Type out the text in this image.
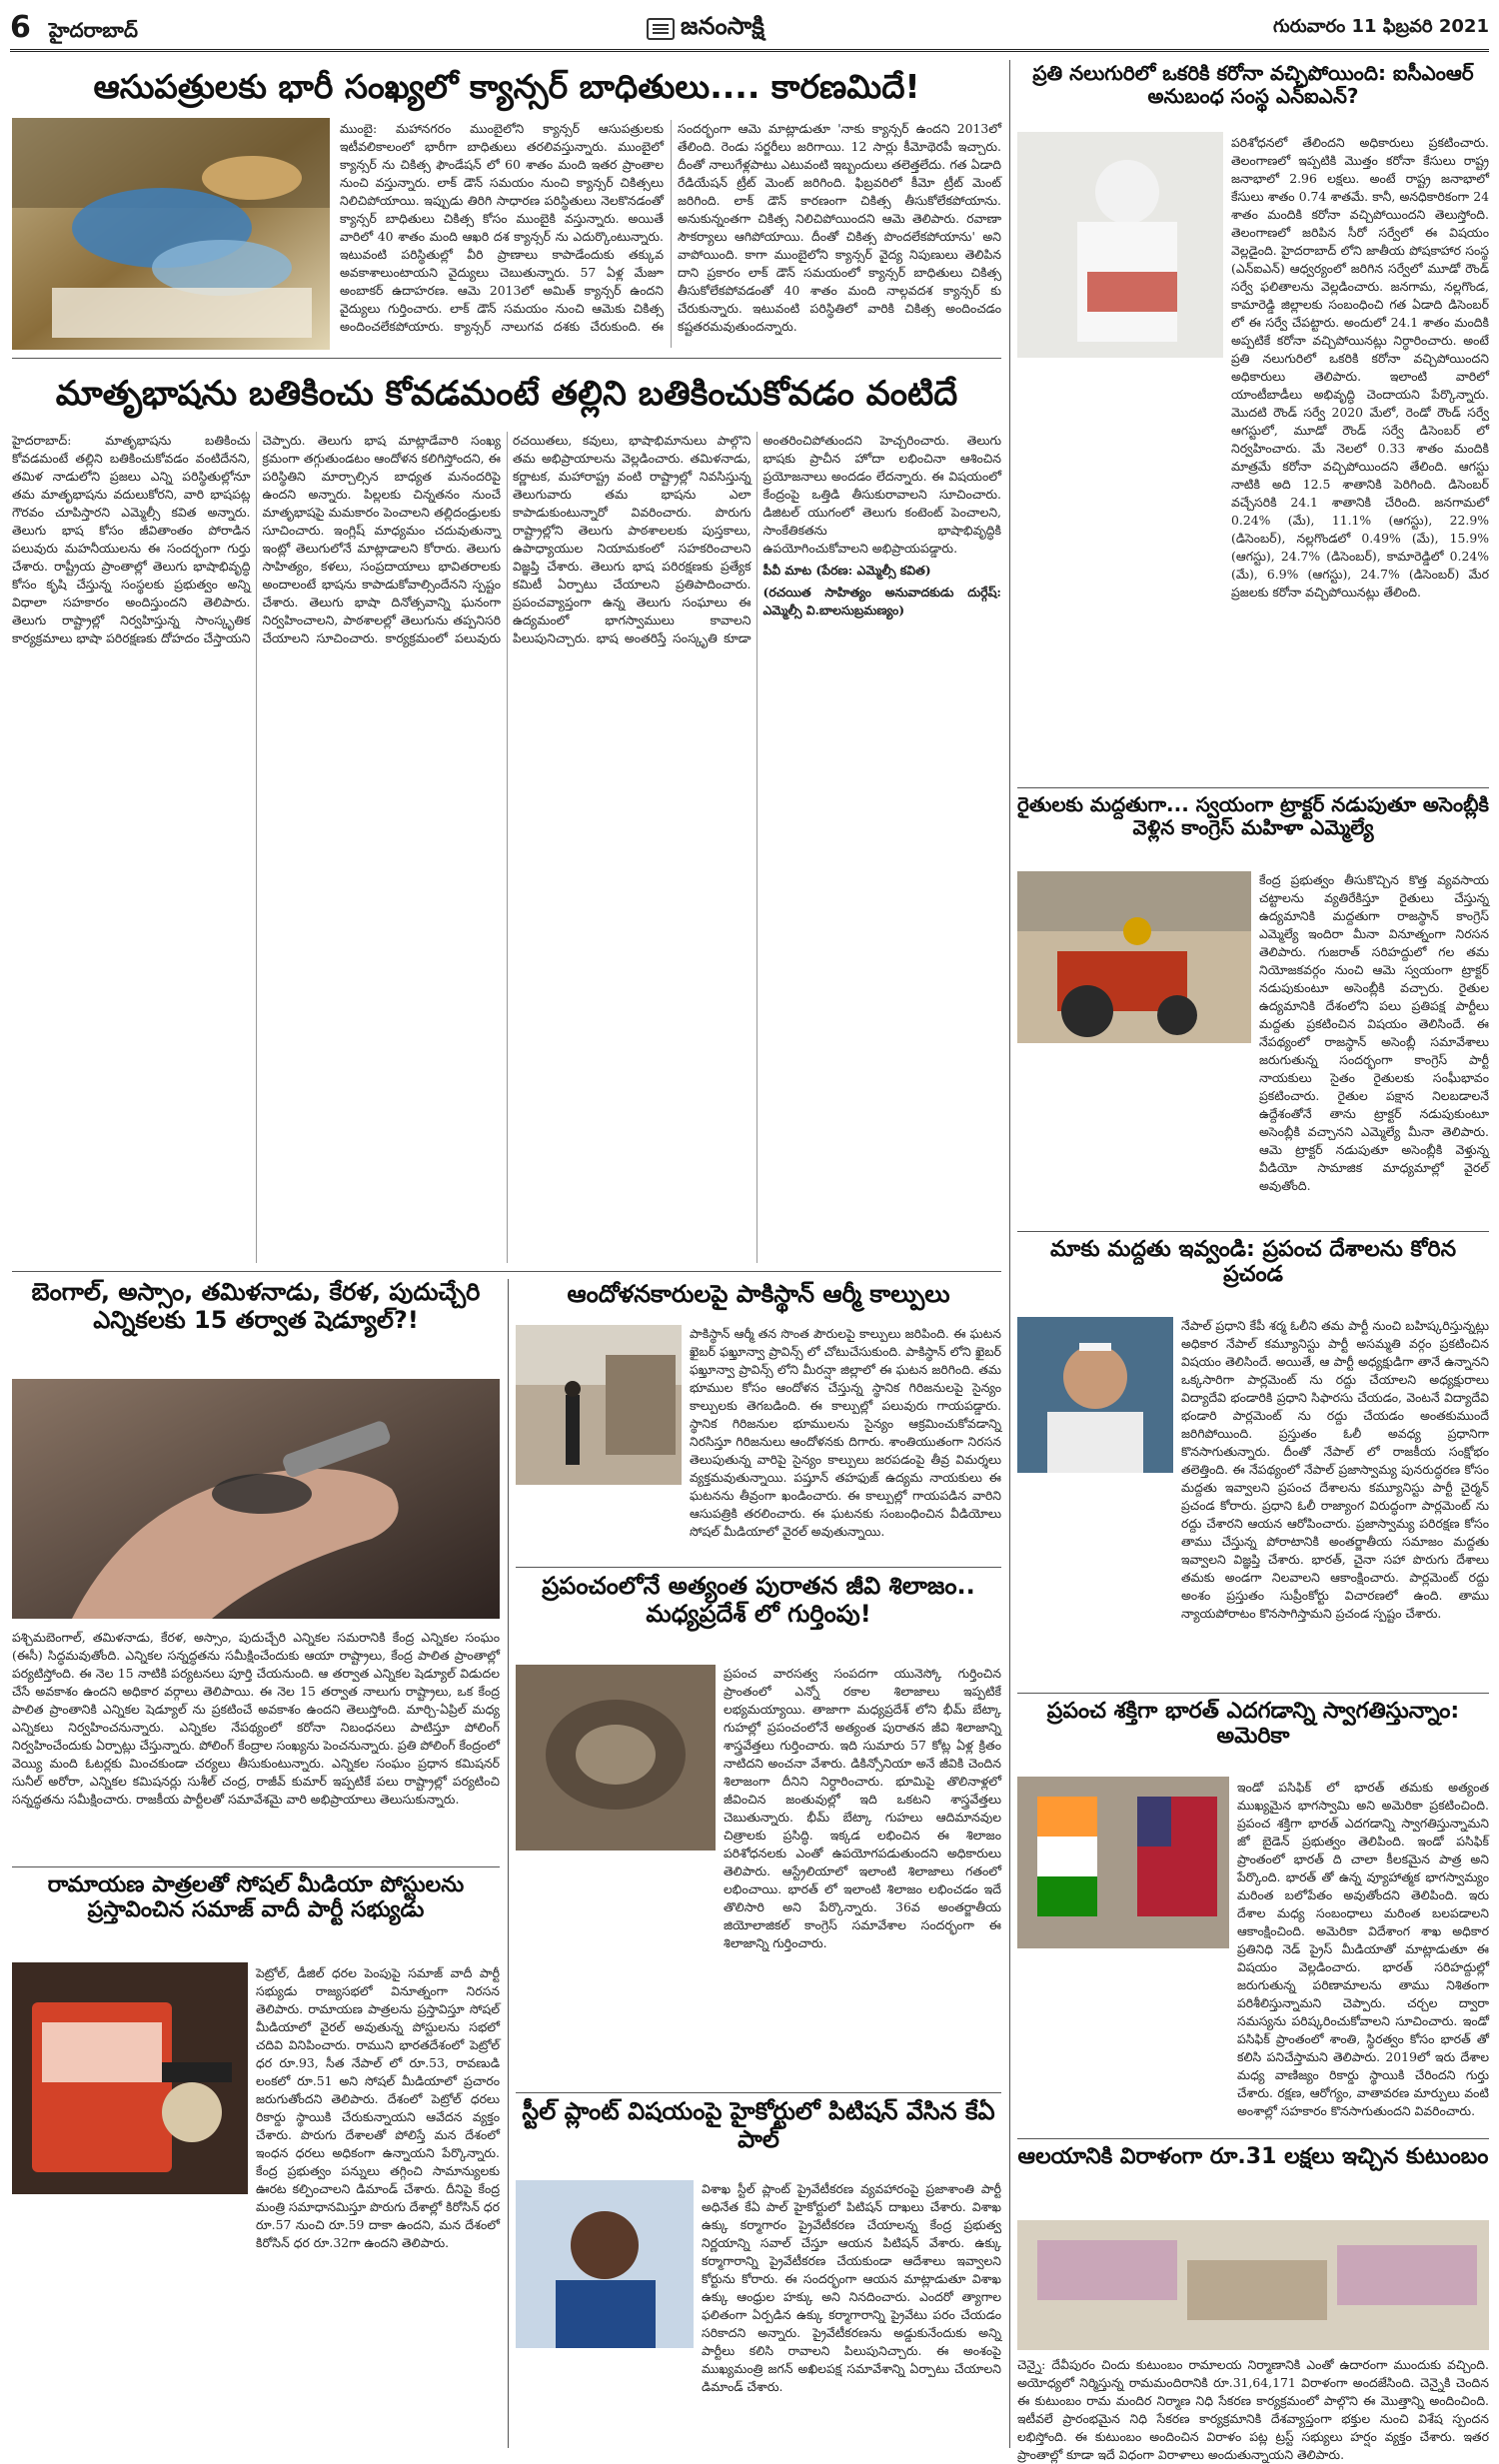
6 హైదరాబాద్	జనంసాక్షి	గురువారం 11 ఫిబ్రవరి 2021
ఆసుపత్రులకు భారీ సంఖ్యలో క్యాన్సర్ బాధితులు.... కారణమిదే!
ముంబై: మహానగరం ముంబైలోని క్యాన్సర్ ఆసుపత్రులకు ఇటీవలికాలంలో భారీగా బాధితులు తరలివస్తున్నారు. ముంబైలో క్యాన్సర్ ను చికిత్స ఫౌండేషన్ లో 60 శాతం మంది ఇతర ప్రాంతాల నుంచి వస్తున్నారు. లాక్ డౌన్ సమయం నుంచి క్యాన్సర్ చికిత్సలు నిలిచిపోయాయి. ఇప్పుడు తిరిగి సాధారణ పరిస్థితులు నెలకొనడంతో క్యాన్సర్ బాధితులు చికిత్స కోసం ముంబైకి వస్తున్నారు. అయితే వారిలో 40 శాతం మంది ఆఖరి దశ క్యాన్సర్ ను ఎదుర్కొంటున్నారు. ఇటువంటి పరిస్థితుల్లో వీరి ప్రాణాలు కాపాడేందుకు తక్కువ అవకాశాలుంటాయని వైద్యులు చెబుతున్నారు. 57 ఏళ్ల మేజూ అంబాకర్ ఉదాహరణ. ఆమె 2013లో అమిత్ క్యాన్సర్ ఉందని వైద్యులు గుర్తించారు. లాక్ డౌన్ సమయం నుంచి ఆమెకు చికిత్స అందించలేకపోయారు. క్యాన్సర్ నాలుగవ దశకు చేరుకుంది. ఈ సందర్భంగా ఆమె మాట్లాడుతూ 'నాకు క్యాన్సర్ ఉందని 2013లో తేలింది. రెండు సర్జరీలు జరిగాయి. 12 సార్లు కీమోథెరపీ ఇచ్చారు. దీంతో నాలుగేళ్లపాటు ఎటువంటి ఇబ్బందులు తలెత్తలేదు. గత ఏడాది రేడియేషన్ ట్రీట్ మెంట్ జరిగింది. ఫిబ్రవరిలో కీమో ట్రీట్ మెంట్ జరిగింది. లాక్ డౌన్ కారణంగా చికిత్స తీసుకోలేకపోయాను. అనుకున్నంతగా చికిత్స నిలిచిపోయిందని ఆమె తెలిపారు. రవాణా సౌకర్యాలు ఆగిపోయాయి. దీంతో చికిత్స పొందలేకపోయాను' అని వాపోయింది. కాగా ముంబైలోని క్యాన్సర్ వైద్య నిపుణులు తెలిపిన దాని ప్రకారం లాక్ డౌన్ సమయంలో క్యాన్సర్ బాధితులు చికిత్స తీసుకోలేకపోవడంతో 40 శాతం మంది నాల్గవదశ క్యాన్సర్ కు చేరుకున్నారు. ఇటువంటి పరిస్థితిలో వారికి చికిత్స అందించడం కష్టతరమవుతుందన్నారు.
మాతృభాషను బతికించు కోవడమంటే తల్లిని బతికించుకోవడం వంటిదే
హైదరాబాద్: మాతృభాషను బతికించు కోవడమంటే తల్లిని బతికించుకోవడం వంటిదేనని, తమిళ నాడులోని ప్రజలు ఎన్ని పరిస్థితుల్లోనూ తమ మాతృభాషను వదులుకోరని, వారి భాషపట్ల గౌరవం చూపిస్తారని ఎమ్మెల్సీ కవిత అన్నారు. తెలుగు భాష కోసం జీవితాంతం పోరాడిన పలువురు మహనీయులను ఈ సందర్భంగా గుర్తు చేశారు. రాష్ట్రీయ ప్రాంతాల్లో తెలుగు భాషాభివృద్ధి కోసం కృషి చేస్తున్న సంస్థలకు ప్రభుత్వం అన్ని విధాలా సహకారం అందిస్తుందని తెలిపారు. తెలుగు రాష్ట్రాల్లో నిర్వహిస్తున్న సాంస్కృతిక కార్యక్రమాలు భాషా పరిరక్షణకు దోహదం చేస్తాయని చెప్పారు. తెలుగు భాష మాట్లాడేవారి సంఖ్య క్రమంగా తగ్గుతుండటం ఆందోళన కలిగిస్తోందని, ఈ పరిస్థితిని మార్చాల్సిన బాధ్యత మనందరిపై ఉందని అన్నారు. పిల్లలకు చిన్నతనం నుంచే మాతృభాషపై మమకారం పెంచాలని తల్లిదండ్రులకు సూచించారు. ఇంగ్లిష్ మాధ్యమం చదువుతున్నా ఇంట్లో తెలుగులోనే మాట్లాడాలని కోరారు. తెలుగు సాహిత్యం, కళలు, సంప్రదాయాలు భావితరాలకు అందాలంటే భాషను కాపాడుకోవాల్సిందేనని స్పష్టం చేశారు. తెలుగు భాషా దినోత్సవాన్ని ఘనంగా నిర్వహించాలని, పాఠశాలల్లో తెలుగును తప్పనిసరి చేయాలని సూచించారు. కార్యక్రమంలో పలువురు రచయితలు, కవులు, భాషాభిమానులు పాల్గొని తమ అభిప్రాయాలను వెల్లడించారు. తమిళనాడు, కర్ణాటక, మహారాష్ట్ర వంటి రాష్ట్రాల్లో నివసిస్తున్న తెలుగువారు తమ భాషను ఎలా కాపాడుకుంటున్నారో వివరించారు. పొరుగు రాష్ట్రాల్లోని తెలుగు పాఠశాలలకు పుస్తకాలు, ఉపాధ్యాయుల నియామకంలో సహకరించాలని విజ్ఞప్తి చేశారు. తెలుగు భాష పరిరక్షణకు ప్రత్యేక కమిటీ ఏర్పాటు చేయాలని ప్రతిపాదించారు. ప్రపంచవ్యాప్తంగా ఉన్న తెలుగు సంఘాలు ఈ ఉద్యమంలో భాగస్వాములు కావాలని పిలుపునిచ్చారు. భాష అంతరిస్తే సంస్కృతి కూడా అంతరించిపోతుందని హెచ్చరించారు. తెలుగు భాషకు ప్రాచీన హోదా లభించినా ఆశించిన ప్రయోజనాలు అందడం లేదన్నారు. ఈ విషయంలో కేంద్రంపై ఒత్తిడి తీసుకురావాలని సూచించారు. డిజిటల్ యుగంలో తెలుగు కంటెంట్ పెంచాలని, సాంకేతికతను భాషాభివృద్ధికి ఉపయోగించుకోవాలని అభిప్రాయపడ్డారు.
పీవీ మాట (పేరణ: ఎమ్మెల్సీ కవిత)
(రచయిత సాహిత్యం అనువాదకుడు దుర్గేష్: ఎమ్మెల్సీ వి.బాలసుబ్రమణ్యం)
బెంగాల్, అస్సాం, తమిళనాడు, కేరళ, పుదుచ్చేరి ఎన్నికలకు 15 తర్వాత షెడ్యూల్?!
పశ్చిమబెంగాల్, తమిళనాడు, కేరళ, అస్సాం, పుదుచ్చేరి ఎన్నికల సమరానికి కేంద్ర ఎన్నికల సంఘం (ఈసీ) సిద్ధమవుతోంది. ఎన్నికల సన్నద్ధతను సమీక్షించేందుకు ఆయా రాష్ట్రాలు, కేంద్ర పాలిత ప్రాంతాల్లో పర్యటిస్తోంది. ఈ నెల 15 నాటికి పర్యటనలు పూర్తి చేయనుంది. ఆ తర్వాత ఎన్నికల షెడ్యూల్ విడుదల చేసే అవకాశం ఉందని అధికార వర్గాలు తెలిపాయి. ఈ నెల 15 తర్వాత నాలుగు రాష్ట్రాలు, ఒక కేంద్ర పాలిత ప్రాంతానికి ఎన్నికల షెడ్యూల్ ను ప్రకటించే అవకాశం ఉందని తెలుస్తోంది. మార్చి-ఏప్రిల్ మధ్య ఎన్నికలు నిర్వహించనున్నారు. ఎన్నికల నేపథ్యంలో కరోనా నిబంధనలు పాటిస్తూ పోలింగ్ నిర్వహించేందుకు ఏర్పాట్లు చేస్తున్నారు. పోలింగ్ కేంద్రాల సంఖ్యను పెంచనున్నారు. ప్రతి పోలింగ్ కేంద్రంలో వెయ్యి మంది ఓటర్లకు మించకుండా చర్యలు తీసుకుంటున్నారు. ఎన్నికల సంఘం ప్రధాన కమిషనర్ సునీల్ అరోరా, ఎన్నికల కమిషనర్లు సుశీల్ చంద్ర, రాజీవ్ కుమార్ ఇప్పటికే పలు రాష్ట్రాల్లో పర్యటించి సన్నద్ధతను సమీక్షించారు. రాజకీయ పార్టీలతో సమావేశమై వారి అభిప్రాయాలు తెలుసుకున్నారు.
రామాయణ పాత్రలతో సోషల్ మీడియా పోస్టులను ప్రస్తావించిన సమాజ్ వాదీ పార్టీ సభ్యుడు
పెట్రోల్, డీజిల్ ధరల పెంపుపై సమాజ్ వాదీ పార్టీ సభ్యుడు రాజ్యసభలో వినూత్నంగా నిరసన తెలిపారు. రామాయణ పాత్రలను ప్రస్తావిస్తూ సోషల్ మీడియాలో వైరల్ అవుతున్న పోస్టులను సభలో చదివి వినిపించారు. రాముని భారతదేశంలో పెట్రోల్ ధర రూ.93, సీత నేపాల్ లో రూ.53, రావణుడి లంకలో రూ.51 అని సోషల్ మీడియాలో ప్రచారం జరుగుతోందని తెలిపారు. దేశంలో పెట్రోల్ ధరలు రికార్డు స్థాయికి చేరుకున్నాయని ఆవేదన వ్యక్తం చేశారు. పొరుగు దేశాలతో పోలిస్తే మన దేశంలో ఇంధన ధరలు అధికంగా ఉన్నాయని పేర్కొన్నారు. కేంద్ర ప్రభుత్వం పన్నులు తగ్గించి సామాన్యులకు ఊరట కల్పించాలని డిమాండ్ చేశారు. దీనిపై కేంద్ర మంత్రి సమాధానమిస్తూ పొరుగు దేశాల్లో కిరోసిన్ ధర రూ.57 నుంచి రూ.59 దాకా ఉందని, మన దేశంలో కిరోసిన్ ధర రూ.32గా ఉందని తెలిపారు.
ఆందోళనకారులపై పాకిస్థాన్ ఆర్మీ కాల్పులు
పాకిస్థాన్ ఆర్మీ తన సొంత పౌరులపై కాల్పులు జరిపింది. ఈ ఘటన ఖైబర్ ఫఖ్తూన్వా ప్రావిన్స్ లో చోటుచేసుకుంది. పాకిస్థాన్ లోని ఖైబర్ ఫఖ్తూన్వా ప్రావిన్స్ లోని మీరన్షా జిల్లాలో ఈ ఘటన జరిగింది. తమ భూముల కోసం ఆందోళన చేస్తున్న స్థానిక గిరిజనులపై సైన్యం కాల్పులకు తెగబడింది. ఈ కాల్పుల్లో పలువురు గాయపడ్డారు. స్థానిక గిరిజనుల భూములను సైన్యం ఆక్రమించుకోవడాన్ని నిరసిస్తూ గిరిజనులు ఆందోళనకు దిగారు. శాంతియుతంగా నిరసన తెలుపుతున్న వారిపై సైన్యం కాల్పులు జరపడంపై తీవ్ర విమర్శలు వ్యక్తమవుతున్నాయి. పష్తూన్ తహఫుజ్ ఉద్యమ నాయకులు ఈ ఘటనను తీవ్రంగా ఖండించారు. ఈ కాల్పుల్లో గాయపడిన వారిని ఆసుపత్రికి తరలించారు. ఈ ఘటనకు సంబంధించిన వీడియోలు సోషల్ మీడియాలో వైరల్ అవుతున్నాయి.
ప్రపంచంలోనే అత్యంత పురాతన జీవి శిలాజం.. మధ్యప్రదేశ్ లో గుర్తింపు!
ప్రపంచ వారసత్వ సంపదగా యునెస్కో గుర్తించిన ప్రాంతంలో ఎన్నో రకాల శిలాజాలు ఇప్పటికే లభ్యమయ్యాయి. తాజాగా మధ్యప్రదేశ్ లోని భీమ్ బేట్కా గుహల్లో ప్రపంచంలోనే అత్యంత పురాతన జీవి శిలాజాన్ని శాస్త్రవేత్తలు గుర్తించారు. ఇది సుమారు 57 కోట్ల ఏళ్ల క్రితం నాటిదని అంచనా వేశారు. డికిన్సోనియా అనే జీవికి చెందిన శిలాజంగా దీనిని నిర్ధారించారు. భూమిపై తొలినాళ్లలో జీవించిన జంతువుల్లో ఇది ఒకటని శాస్త్రవేత్తలు చెబుతున్నారు. భీమ్ బేట్కా గుహలు ఆదిమానవుల చిత్రాలకు ప్రసిద్ధి. ఇక్కడ లభించిన ఈ శిలాజం పరిశోధనలకు ఎంతో ఉపయోగపడుతుందని అధికారులు తెలిపారు. ఆస్ట్రేలియాలో ఇలాంటి శిలాజాలు గతంలో లభించాయి. భారత్ లో ఇలాంటి శిలాజం లభించడం ఇదే తొలిసారి అని పేర్కొన్నారు. 36వ అంతర్జాతీయ జియోలాజికల్ కాంగ్రెస్ సమావేశాల సందర్భంగా ఈ శిలాజాన్ని గుర్తించారు.
స్టీల్ ప్లాంట్ విషయంపై హైకోర్టులో పిటిషన్ వేసిన కేఏ పాల్
విశాఖ స్టీల్ ప్లాంట్ ప్రైవేటీకరణ వ్యవహారంపై ప్రజాశాంతి పార్టీ అధినేత కేఏ పాల్ హైకోర్టులో పిటిషన్ దాఖలు చేశారు. విశాఖ ఉక్కు కర్మాగారం ప్రైవేటీకరణ చేయాలన్న కేంద్ర ప్రభుత్వ నిర్ణయాన్ని సవాల్ చేస్తూ ఆయన పిటిషన్ వేశారు. ఉక్కు కర్మాగారాన్ని ప్రైవేటీకరణ చేయకుండా ఆదేశాలు ఇవ్వాలని కోర్టును కోరారు. ఈ సందర్భంగా ఆయన మాట్లాడుతూ విశాఖ ఉక్కు ఆంధ్రుల హక్కు అని నినదించారు. ఎందరో త్యాగాల ఫలితంగా ఏర్పడిన ఉక్కు కర్మాగారాన్ని ప్రైవేటు పరం చేయడం సరికాదని అన్నారు. ప్రైవేటీకరణను అడ్డుకునేందుకు అన్ని పార్టీలు కలిసి రావాలని పిలుపునిచ్చారు. ఈ అంశంపై ముఖ్యమంత్రి జగన్ అఖిలపక్ష సమావేశాన్ని ఏర్పాటు చేయాలని డిమాండ్ చేశారు.
ప్రతి నలుగురిలో ఒకరికి కరోనా వచ్చిపోయింది: ఐసీఎంఆర్ అనుబంధ సంస్థ ఎన్ఐఎన్?
పరిశోధనలో తేలిందని అధికారులు ప్రకటించారు. తెలంగాణలో ఇప్పటికి మొత్తం కరోనా కేసులు రాష్ట్ర జనాభాలో 2.96 లక్షలు. అంటే రాష్ట్ర జనాభాలో కేసులు శాతం 0.74 శాతమే. కానీ, అనధికారికంగా 24 శాతం మందికి కరోనా వచ్చిపోయిందని తెలుస్తోంది. తెలంగాణలో జరిపిన సీరో సర్వేలో ఈ విషయం వెల్లడైంది. హైదరాబాద్ లోని జాతీయ పోషకాహార సంస్థ (ఎన్ఐఎన్) ఆధ్వర్యంలో జరిగిన సర్వేలో మూడో రౌండ్ సర్వే ఫలితాలను వెల్లడించారు. జనగామ, నల్లగొండ, కామారెడ్డి జిల్లాలకు సంబంధించి గత ఏడాది డిసెంబర్ లో ఈ సర్వే చేపట్టారు. అందులో 24.1 శాతం మందికి అప్పటికే కరోనా వచ్చిపోయినట్లు నిర్ధారించారు. అంటే ప్రతి నలుగురిలో ఒకరికి కరోనా వచ్చిపోయిందని అధికారులు తెలిపారు. ఇలాంటి వారిలో యాంటీబాడీలు అభివృద్ధి చెందాయని పేర్కొన్నారు. మొదటి రౌండ్ సర్వే 2020 మేలో, రెండో రౌండ్ సర్వే ఆగస్టులో, మూడో రౌండ్ సర్వే డిసెంబర్ లో నిర్వహించారు. మే నెలలో 0.33 శాతం మందికి మాత్రమే కరోనా వచ్చిపోయిందని తేలింది. ఆగస్టు నాటికి అది 12.5 శాతానికి పెరిగింది. డిసెంబర్ వచ్చేసరికి 24.1 శాతానికి చేరింది. జనగామలో 0.24% (మే), 11.1% (ఆగస్టు), 22.9% (డిసెంబర్), నల్లగొండలో 0.49% (మే), 15.9% (ఆగస్టు), 24.7% (డిసెంబర్), కామారెడ్డిలో 0.24% (మే), 6.9% (ఆగస్టు), 24.7% (డిసెంబర్) మేర ప్రజలకు కరోనా వచ్చిపోయినట్లు తేలింది.
రైతులకు మద్దతుగా... స్వయంగా ట్రాక్టర్ నడుపుతూ అసెంబ్లీకి వెళ్లిన కాంగ్రెస్ మహిళా ఎమ్మెల్యే
కేంద్ర ప్రభుత్వం తీసుకొచ్చిన కొత్త వ్యవసాయ చట్టాలను వ్యతిరేకిస్తూ రైతులు చేస్తున్న ఉద్యమానికి మద్దతుగా రాజస్థాన్ కాంగ్రెస్ ఎమ్మెల్యే ఇందిరా మీనా వినూత్నంగా నిరసన తెలిపారు. గుజరాత్ సరిహద్దులో గల తమ నియోజకవర్గం నుంచి ఆమె స్వయంగా ట్రాక్టర్ నడుపుకుంటూ అసెంబ్లీకి వచ్చారు. రైతుల ఉద్యమానికి దేశంలోని పలు ప్రతిపక్ష పార్టీలు మద్దతు ప్రకటించిన విషయం తెలిసిందే. ఈ నేపథ్యంలో రాజస్థాన్ అసెంబ్లీ సమావేశాలు జరుగుతున్న సందర్భంగా కాంగ్రెస్ పార్టీ నాయకులు సైతం రైతులకు సంఘీభావం ప్రకటించారు. రైతుల పక్షాన నిలబడాలనే ఉద్దేశంతోనే తాను ట్రాక్టర్ నడుపుకుంటూ అసెంబ్లీకి వచ్చానని ఎమ్మెల్యే మీనా తెలిపారు. ఆమె ట్రాక్టర్ నడుపుతూ అసెంబ్లీకి వెళ్తున్న వీడియో సామాజిక మాధ్యమాల్లో వైరల్ అవుతోంది.
మాకు మద్దతు ఇవ్వండి: ప్రపంచ దేశాలను కోరిన ప్రచండ
నేపాల్ ప్రధాని కేపీ శర్మ ఓలీని తమ పార్టీ నుంచి బహిష్కరిస్తున్నట్లు అధికార నేపాల్ కమ్యూనిస్టు పార్టీ అసమ్మతి వర్గం ప్రకటించిన విషయం తెలిసిందే. అయితే, ఆ పార్టీ అధ్యక్షుడిగా తానే ఉన్నానని ఒక్కసారిగా పార్లమెంట్ ను రద్దు చేయాలని అధ్యక్షురాలు విద్యాదేవి భండారికి ప్రధాని సిఫారసు చేయడం, వెంటనే విద్యాదేవి భండారి పార్లమెంట్ ను రద్దు చేయడం అంతకుముందే జరిగిపోయింది. ప్రస్తుతం ఓలీ అవధ్య ప్రధానిగా కొనసాగుతున్నారు. దీంతో నేపాల్ లో రాజకీయ సంక్షోభం తలెత్తింది. ఈ నేపథ్యంలో నేపాల్ ప్రజాస్వామ్య పునరుద్ధరణ కోసం మద్దతు ఇవ్వాలని ప్రపంచ దేశాలను కమ్యూనిస్టు పార్టీ చైర్మన్ ప్రచండ కోరారు. ప్రధాని ఓలీ రాజ్యాంగ విరుద్ధంగా పార్లమెంట్ ను రద్దు చేశారని ఆయన ఆరోపించారు. ప్రజాస్వామ్య పరిరక్షణ కోసం తాము చేస్తున్న పోరాటానికి అంతర్జాతీయ సమాజం మద్దతు ఇవ్వాలని విజ్ఞప్తి చేశారు. భారత్, చైనా సహా పొరుగు దేశాలు తమకు అండగా నిలవాలని ఆకాంక్షించారు. పార్లమెంట్ రద్దు అంశం ప్రస్తుతం సుప్రీంకోర్టు విచారణలో ఉంది. తాము న్యాయపోరాటం కొనసాగిస్తామని ప్రచండ స్పష్టం చేశారు.
ప్రపంచ శక్తిగా భారత్ ఎదగడాన్ని స్వాగతిస్తున్నాం: అమెరికా
ఇండో పసిఫిక్ లో భారత్ తమకు అత్యంత ముఖ్యమైన భాగస్వామి అని అమెరికా ప్రకటించింది. ప్రపంచ శక్తిగా భారత్ ఎదగడాన్ని స్వాగతిస్తున్నామని జో బైడెన్ ప్రభుత్వం తెలిపింది. ఇండో పసిఫిక్ ప్రాంతంలో భారత్ ది చాలా కీలకమైన పాత్ర అని పేర్కొంది. భారత్ తో ఉన్న వ్యూహాత్మక భాగస్వామ్యం మరింత బలోపేతం అవుతోందని తెలిపింది. ఇరు దేశాల మధ్య సంబంధాలు మరింత బలపడాలని ఆకాంక్షించింది. అమెరికా విదేశాంగ శాఖ అధికార ప్రతినిధి నెడ్ ప్రైస్ మీడియాతో మాట్లాడుతూ ఈ విషయం వెల్లడించారు. భారత్ సరిహద్దుల్లో జరుగుతున్న పరిణామాలను తాము నిశితంగా పరిశీలిస్తున్నామని చెప్పారు. చర్చల ద్వారా సమస్యను పరిష్కరించుకోవాలని సూచించారు. ఇండో పసిఫిక్ ప్రాంతంలో శాంతి, స్థిరత్వం కోసం భారత్ తో కలిసి పనిచేస్తామని తెలిపారు. 2019లో ఇరు దేశాల మధ్య వాణిజ్యం రికార్డు స్థాయికి చేరిందని గుర్తు చేశారు. రక్షణ, ఆరోగ్యం, వాతావరణ మార్పులు వంటి అంశాల్లో సహకారం కొనసాగుతుందని వివరించారు.
ఆలయానికి విరాళంగా రూ.31 లక్షలు ఇచ్చిన కుటుంబం
చెన్నై: దేవీపురం చిందు కుటుంబం రామాలయ నిర్మాణానికి ఎంతో ఉదారంగా ముందుకు వచ్చింది. అయోధ్యలో నిర్మిస్తున్న రామమందిరానికి రూ.31,64,171 విరాళంగా అందజేసింది. చెన్నైకి చెందిన ఈ కుటుంబం రామ మందిర నిర్మాణ నిధి సేకరణ కార్యక్రమంలో పాల్గొని ఈ మొత్తాన్ని అందించింది. ఇటీవలే ప్రారంభమైన నిధి సేకరణ కార్యక్రమానికి దేశవ్యాప్తంగా భక్తుల నుంచి విశేష స్పందన లభిస్తోంది. ఈ కుటుంబం అందించిన విరాళం పట్ల ట్రస్ట్ సభ్యులు హర్షం వ్యక్తం చేశారు. ఇతర ప్రాంతాల్లో కూడా ఇదే విధంగా విరాళాలు అందుతున్నాయని తెలిపారు.
